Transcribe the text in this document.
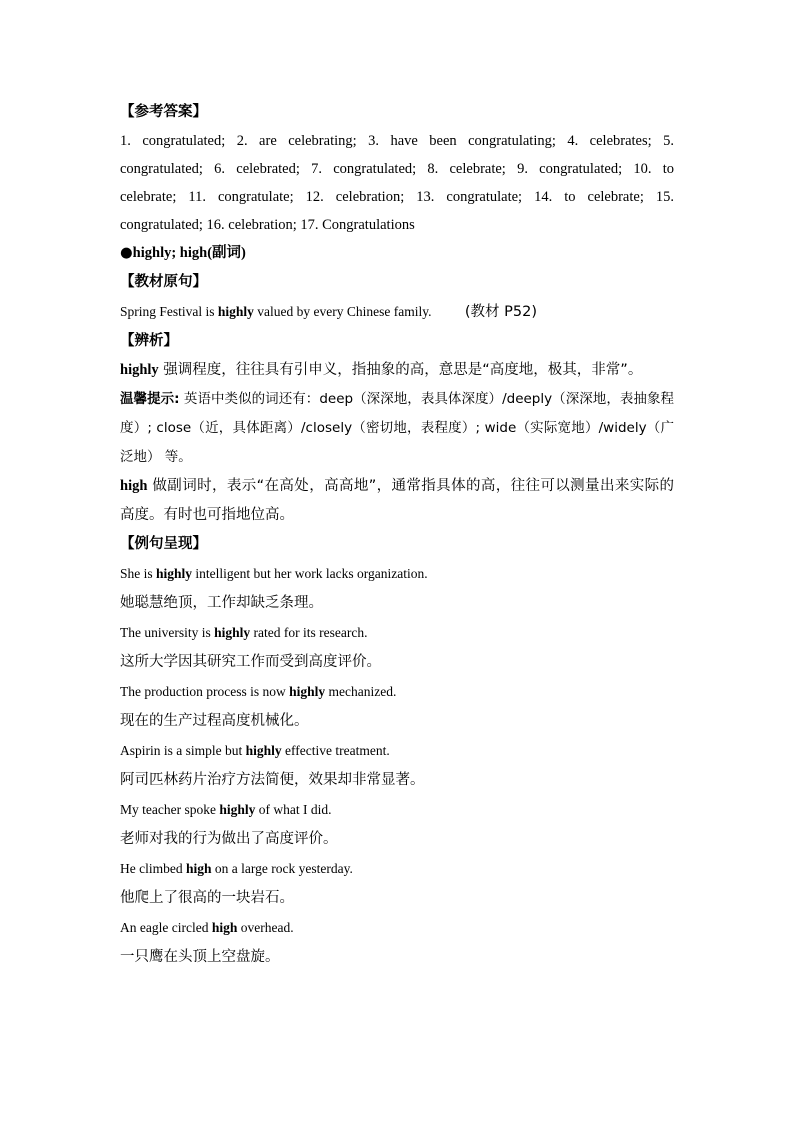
【参考答案】
1. congratulated; 2. are celebrating; 3. have been congratulating; 4. celebrates; 5.
congratulated; 6. celebrated; 7. congratulated; 8. celebrate; 9. congratulated; 10. to
celebrate; 11. congratulate; 12. celebration; 13. congratulate; 14. to celebrate; 15.
congratulated; 16. celebration; 17. Congratulations
●highly; high(副词)
【教材原句】
Spring Festival is highly valued by every Chinese family. (教材 P52)
【辨析】
highly 强调程度，往往具有引申义，指抽象的高，意思是“高度地，极其，非常”。
温馨提示: 英语中类似的词还有：deep（深深地，表具体深度）/deeply（深深地，表抽象程度）; close（近，具体距离）/closely（密切地，表程度）; wide（实际宽地）/widely（广泛地） 等。
high 做副词时，表示“在高处，高高地”，通常指具体的高，往往可以测量出来实际的高度。有时也可指地位高。
【例句呈现】
She is highly intelligent but her work lacks organization.
她聪慧绝顶，工作却缺乏条理。
The university is highly rated for its research.
这所大学因其研究工作而受到高度评价。
The production process is now highly mechanized.
现在的生产过程高度机械化。
Aspirin is a simple but highly effective treatment.
阿司匹林药片治疗方法简便，效果却非常显著。
My teacher spoke highly of what I did.
老师对我的行为做出了高度评价。
He climbed high on a large rock yesterday.
他爬上了很高的一块岩石。
An eagle circled high overhead.
一只鹰在头顶上空盘旋。
